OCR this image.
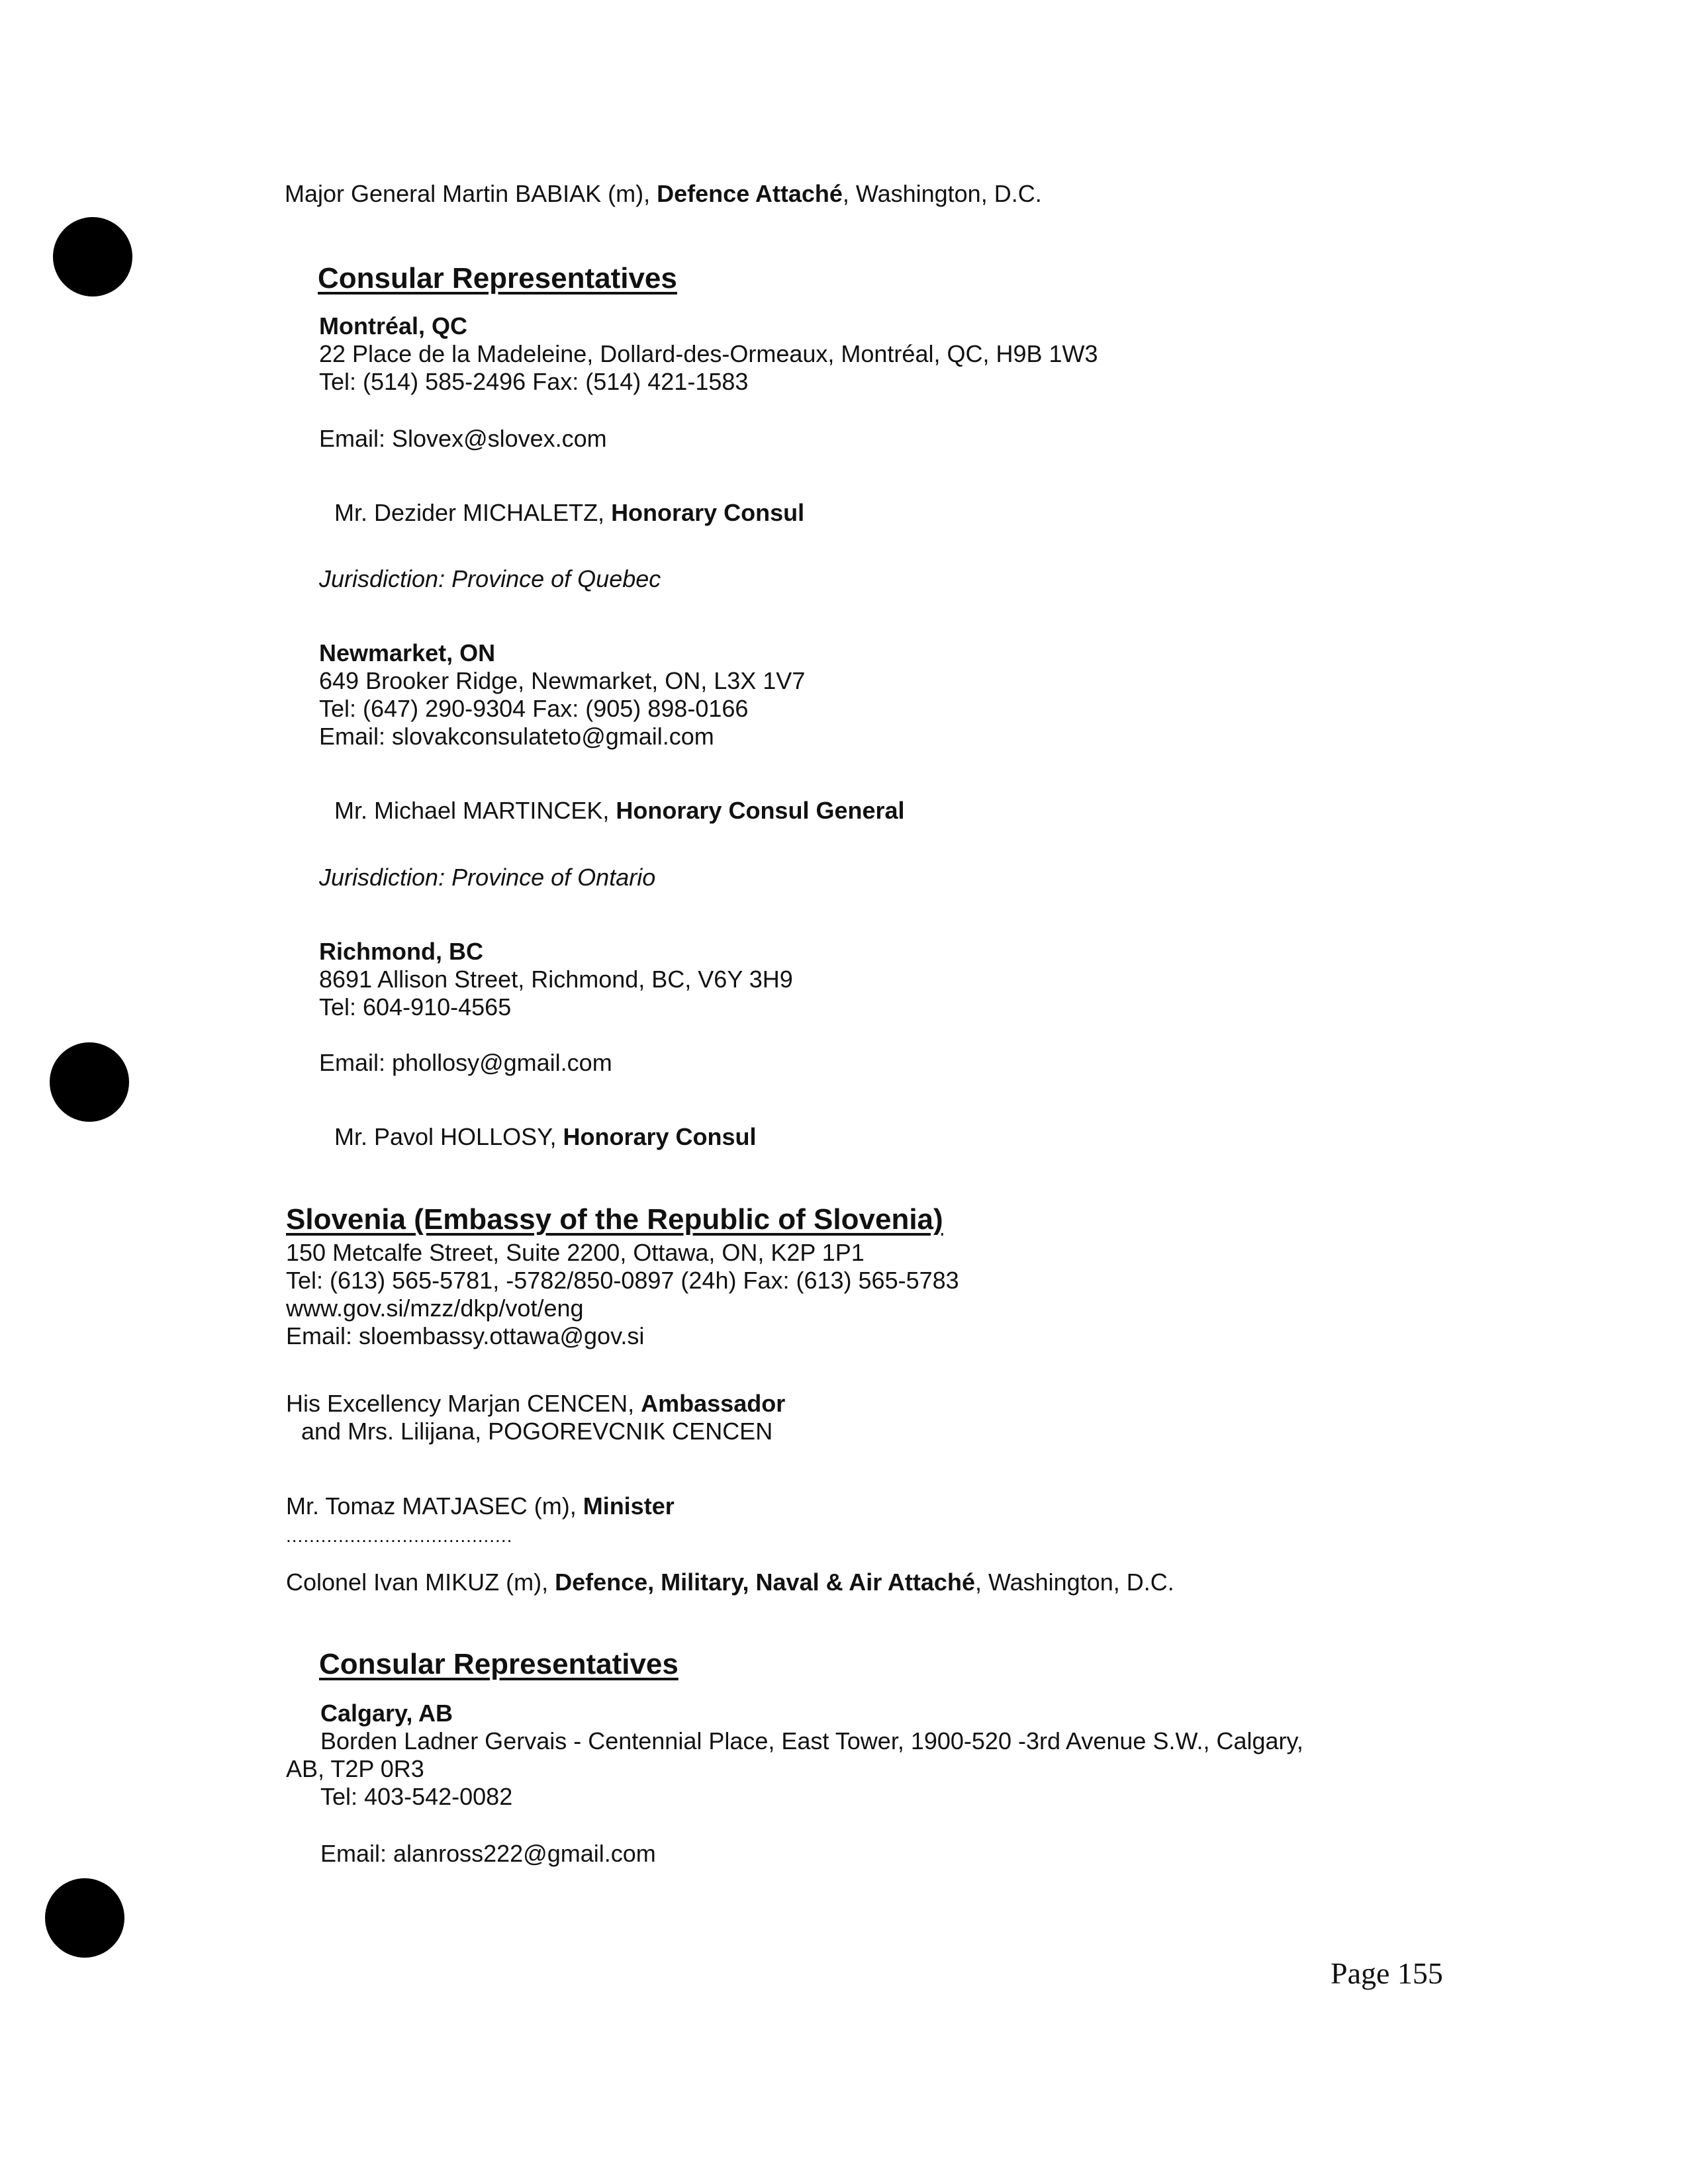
Major General Martin BABIAK (m), Defence Attaché, Washington, D.C.
Consular Representatives
Montréal, QC
22 Place de la Madeleine, Dollard-des-Ormeaux, Montréal, QC, H9B 1W3
Tel: (514) 585-2496 Fax: (514) 421-1583
Email: Slovex@slovex.com
Mr. Dezider MICHALETZ, Honorary Consul
Jurisdiction: Province of Quebec
Newmarket, ON
649 Brooker Ridge, Newmarket, ON, L3X 1V7
Tel: (647) 290-9304 Fax: (905) 898-0166
Email: slovakconsulateto@gmail.com
Mr. Michael MARTINCEK, Honorary Consul General
Jurisdiction: Province of Ontario
Richmond, BC
8691 Allison Street, Richmond, BC, V6Y 3H9
Tel: 604-910-4565
Email: phollosy@gmail.com
Mr. Pavol HOLLOSY, Honorary Consul
Slovenia (Embassy of the Republic of Slovenia)
150 Metcalfe Street, Suite 2200, Ottawa, ON, K2P 1P1
Tel: (613) 565-5781, -5782/850-0897 (24h) Fax: (613) 565-5783
www.gov.si/mzz/dkp/vot/eng
Email: sloembassy.ottawa@gov.si
His Excellency Marjan CENCEN, Ambassador
and Mrs. Lilijana, POGOREVCNIK CENCEN
Mr. Tomaz MATJASEC (m), Minister
.......................................
Colonel Ivan MIKUZ (m), Defence, Military, Naval & Air Attaché, Washington, D.C.
Consular Representatives
Calgary, AB
Borden Ladner Gervais - Centennial Place, East Tower, 1900-520 -3rd Avenue S.W., Calgary,
AB, T2P 0R3
Tel: 403-542-0082
Email: alanross222@gmail.com
Page 155
